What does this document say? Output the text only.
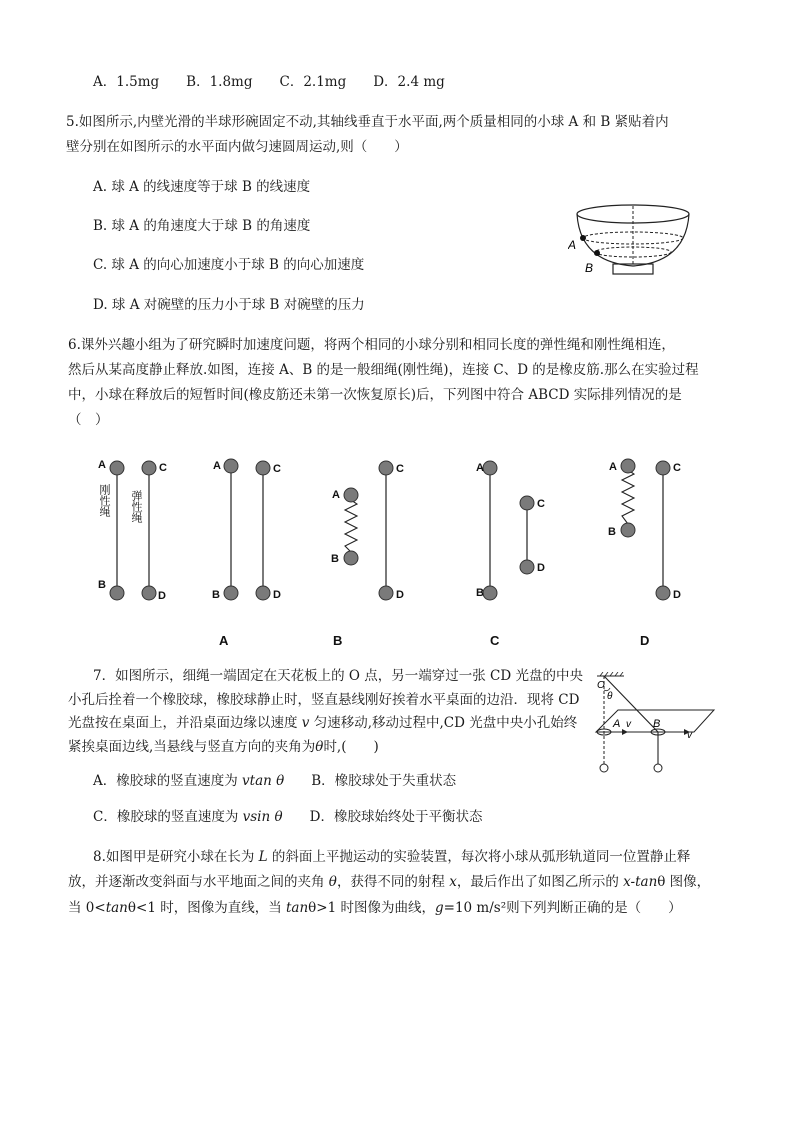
A．1.5mg　　B．1.8mg　　C．2.1mg　　D．2.4 mg
5.如图所示,内壁光滑的半球形碗固定不动,其轴线垂直于水平面,两个质量相同的小球 A 和 B 紧贴着内
壁分别在如图所示的水平面内做匀速圆周运动,则（　　）
A. 球 A 的线速度等于球 B 的线速度
B. 球 A 的角速度大于球 B 的角速度
C. 球 A 的向心加速度小于球 B 的向心加速度
D. 球 A 对碗壁的压力小于球 B 对碗壁的压力
A
B
6.课外兴趣小组为了研究瞬时加速度问题，将两个相同的小球分别和相同长度的弹性绳和刚性绳相连，
然后从某高度静止释放.如图，连接 A、B 的是一般细绳(刚性绳)，连接 C、D 的是橡皮筋.那么在实验过程
中，小球在释放后的短暂时间(橡皮筋还未第一次恢复原长)后，下列图中符合 ABCD 实际排列情况的是
（　）
A	C
B
D
A	C
B	D
A
B
C
D
A
B
C
D
A
B
C
D
刚性绳 弹性绳
A	B	C	D
7．如图所示，细绳一端固定在天花板上的 O 点，另一端穿过一张 CD 光盘的中央
小孔后拴着一个橡胶球，橡胶球静止时，竖直悬线刚好挨着水平桌面的边沿．现将 CD
光盘按在桌面上，并沿桌面边缘以速度 v 匀速移动,移动过程中,CD 光盘中央小孔始终
紧挨桌面边线,当悬线与竖直方向的夹角为θ时,(　　)
A．橡胶球的竖直速度为 vtan θ　　 B．橡胶球处于失重状态
C．橡胶球的竖直速度为 vsin θ　　 D．橡胶球始终处于平衡状态
O
θ
A v B
v
8.如图甲是研究小球在长为 L 的斜面上平抛运动的实验装置，每次将小球从弧形轨道同一位置静止释
放，并逐渐改变斜面与水平地面之间的夹角 θ，获得不同的射程 x，最后作出了如图乙所示的 x-tanθ 图像，
当 0<tanθ<1 时，图像为直线，当 tanθ>1 时图像为曲线，g=10 m/s²则下列判断正确的是（　　）
